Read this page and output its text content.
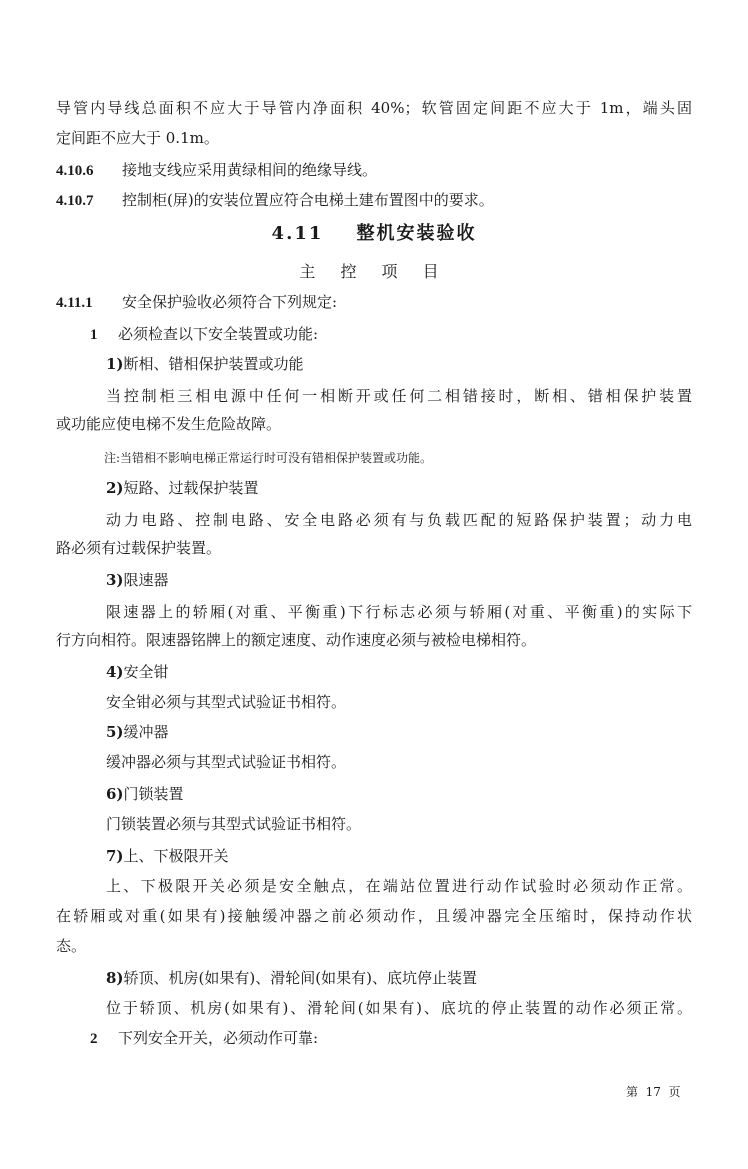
导管内导线总面积不应大于导管内净面积 40%；软管固定间距不应大于 1m，端头固
定间距不应大于 0.1m。
4.10.6 接地支线应采用黄绿相间的绝缘导线。
4.10.7 控制柜(屏)的安装位置应符合电梯土建布置图中的要求。
4.11    整机安装验收
主 控 项 目
4.11.1 安全保护验收必须符合下列规定:
1 必须检查以下安全装置或功能:
1)断相、错相保护装置或功能
当控制柜三相电源中任何一相断开或任何二相错接时，断相、错相保护装置
或功能应使电梯不发生危险故障。
注:当错相不影响电梯正常运行时可没有错相保护装置或功能。
2)短路、过载保护装置
动力电路、控制电路、安全电路必须有与负载匹配的短路保护装置；动力电
路必须有过载保护装置。
3)限速器
限速器上的轿厢(对重、平衡重)下行标志必须与轿厢(对重、平衡重)的实际下
行方向相符。限速器铭牌上的额定速度、动作速度必须与被检电梯相符。
4)安全钳
安全钳必须与其型式试验证书相符。
5)缓冲器
缓冲器必须与其型式试验证书相符。
6)门锁装置
门锁装置必须与其型式试验证书相符。
7)上、下极限开关
上、下极限开关必须是安全触点，在端站位置进行动作试验时必须动作正常。
在轿厢或对重(如果有)接触缓冲器之前必须动作，且缓冲器完全压缩时，保持动作状
态。
8)轿顶、机房(如果有)、滑轮间(如果有)、底坑停止装置
位于轿顶、机房(如果有)、滑轮间(如果有)、底坑的停止装置的动作必须正常。
2 下列安全开关，必须动作可靠:
第  17  页
